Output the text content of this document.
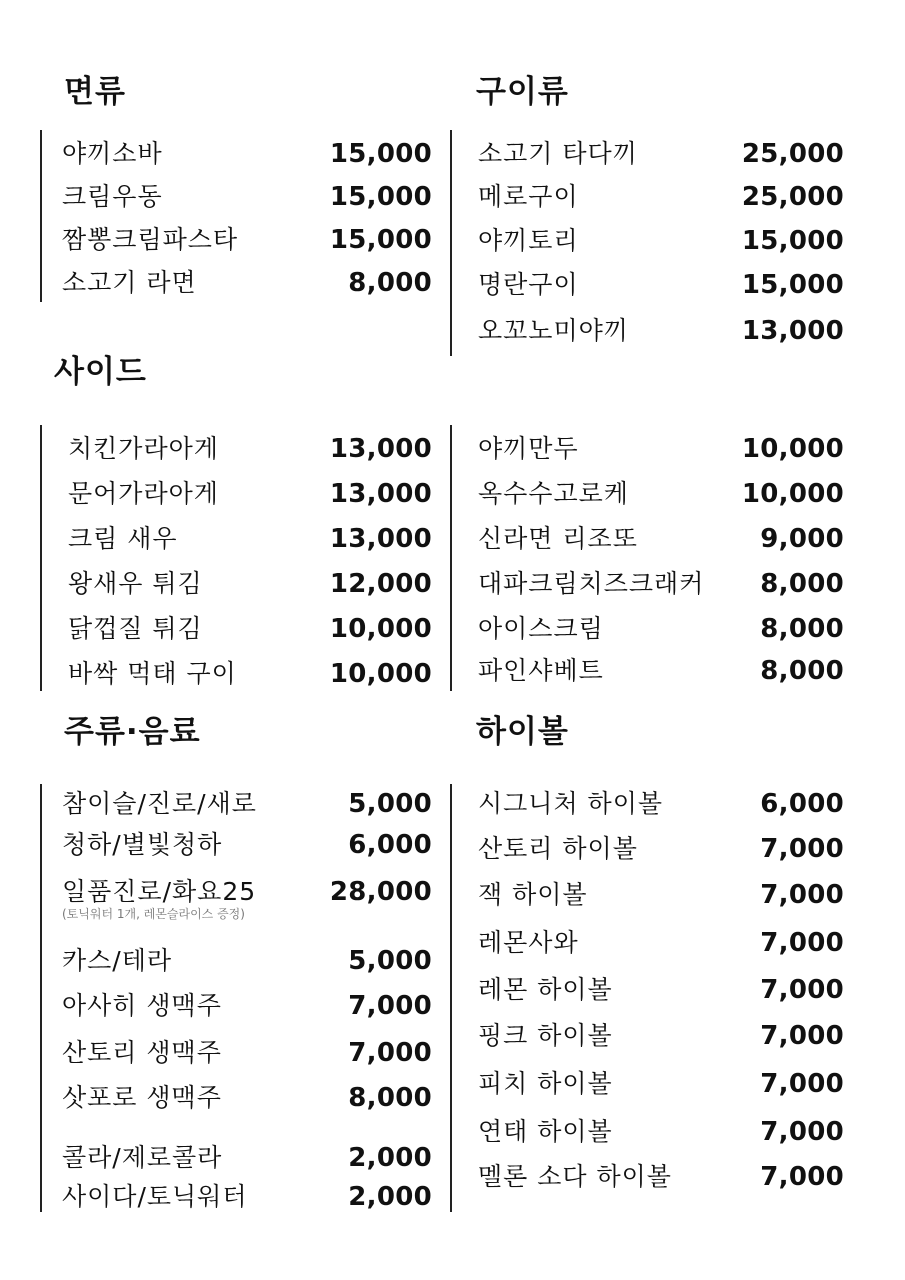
면류	구이류
사이드
주류·음료	하이볼
야끼소바	15,000
크림우동	15,000
짬뽕크림파스타	15,000
소고기 라면	8,000
소고기 타다끼	25,000
메로구이	25,000
야끼토리	15,000
명란구이	15,000
오꼬노미야끼	13,000
치킨가라아게	13,000
문어가라아게	13,000
크림 새우	13,000
왕새우 튀김	12,000
닭껍질 튀김	10,000
바싹 먹태 구이	10,000
야끼만두	10,000
옥수수고로케	10,000
신라면 리조또	9,000
대파크림치즈크래커 8,000
아이스크림	8,000
파인샤베트	8,000
참이슬/진로/새로	5,000
청하/별빛청하	6,000
일품진로/화요25	28,000
(토닉워터 1개, 레몬슬라이스 증정)
카스/테라	5,000
아사히 생맥주	7,000
산토리 생맥주	7,000
삿포로 생맥주	8,000
콜라/제로콜라	2,000
사이다/토닉워터	2,000
시그니처 하이볼	6,000
산토리 하이볼	7,000
잭 하이볼	7,000
레몬사와	7,000
레몬 하이볼	7,000
핑크 하이볼	7,000
피치 하이볼	7,000
연태 하이볼	7,000
멜론 소다 하이볼	7,000
